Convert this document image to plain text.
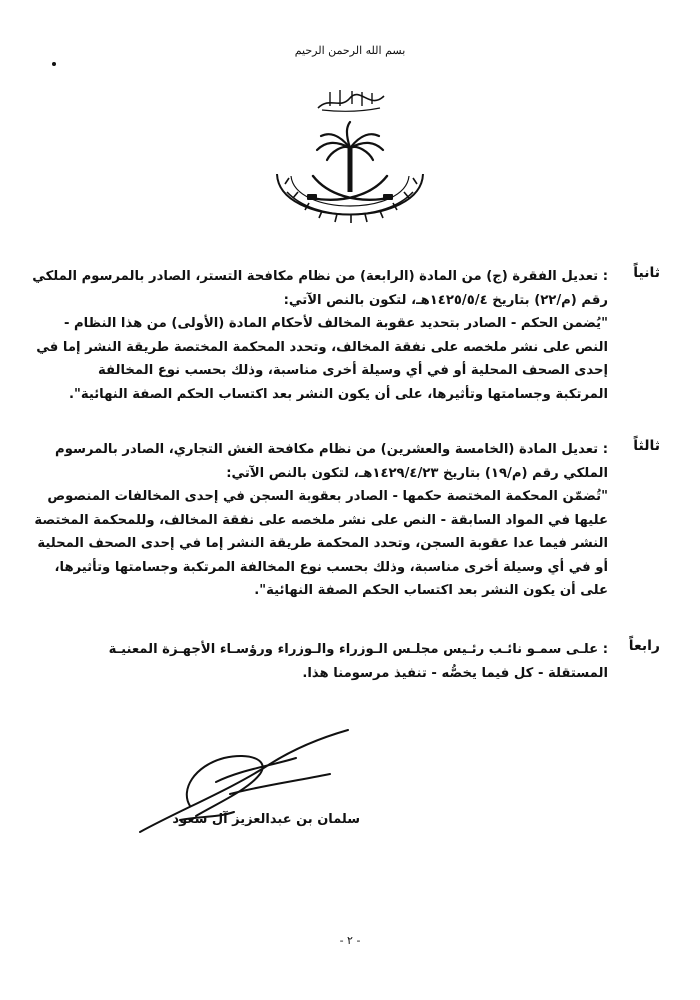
بسم الله الرحمن الرحيم
ثانياً
: تعديل الفقرة (ج) من المادة (الرابعة) من نظام مكافحة التستر، الصادر بالمرسوم الملكي
رقم (م/٢٢) بتاريخ ١٤٢٥/٥/٤هـ، لتكون بالنص الآتي:
"يُضمن الحكم - الصادر بتحديد عقوبة المخالف لأحكام المادة (الأولى) من هذا النظام -
النص على نشر ملخصه على نفقة المخالف، وتحدد المحكمة المختصة طريقة النشر إما في
إحدى الصحف المحلية أو في أي وسيلة أخرى مناسبة، وذلك بحسب نوع المخالفة
المرتكبة وجسامتها وتأثيرها، على أن يكون النشر بعد اكتساب الحكم الصفة النهائية".
ثالثاً
: تعديل المادة (الخامسة والعشرين) من نظام مكافحة الغش التجاري، الصادر بالمرسوم
الملكي رقم (م/١٩) بتاريخ ١٤٢٩/٤/٢٣هـ، لتكون بالنص الآتي:
"تُضمّن المحكمة المختصة حكمها - الصادر بعقوبة السجن في إحدى المخالفات المنصوص
عليها في المواد السابقة - النص على نشر ملخصه على نفقة المخالف، وللمحكمة المختصة
النشر فيما عدا عقوبة السجن، وتحدد المحكمة طريقة النشر إما في إحدى الصحف المحلية
أو في أي وسيلة أخرى مناسبة، وذلك بحسب نوع المخالفة المرتكبة وجسامتها وتأثيرها،
على أن يكون النشر بعد اكتساب الحكم الصفة النهائية".
رابعاً
: علـى سمـو نائـب رئـيس مجلـس الـوزراء والـوزراء ورؤسـاء الأجهـزة المعنيـة
المستقلة - كل فيما يخصُّه - تنفيذ مرسومنا هذا.
سلمان بن عبدالعزيز آل سعود
- ٢ -
